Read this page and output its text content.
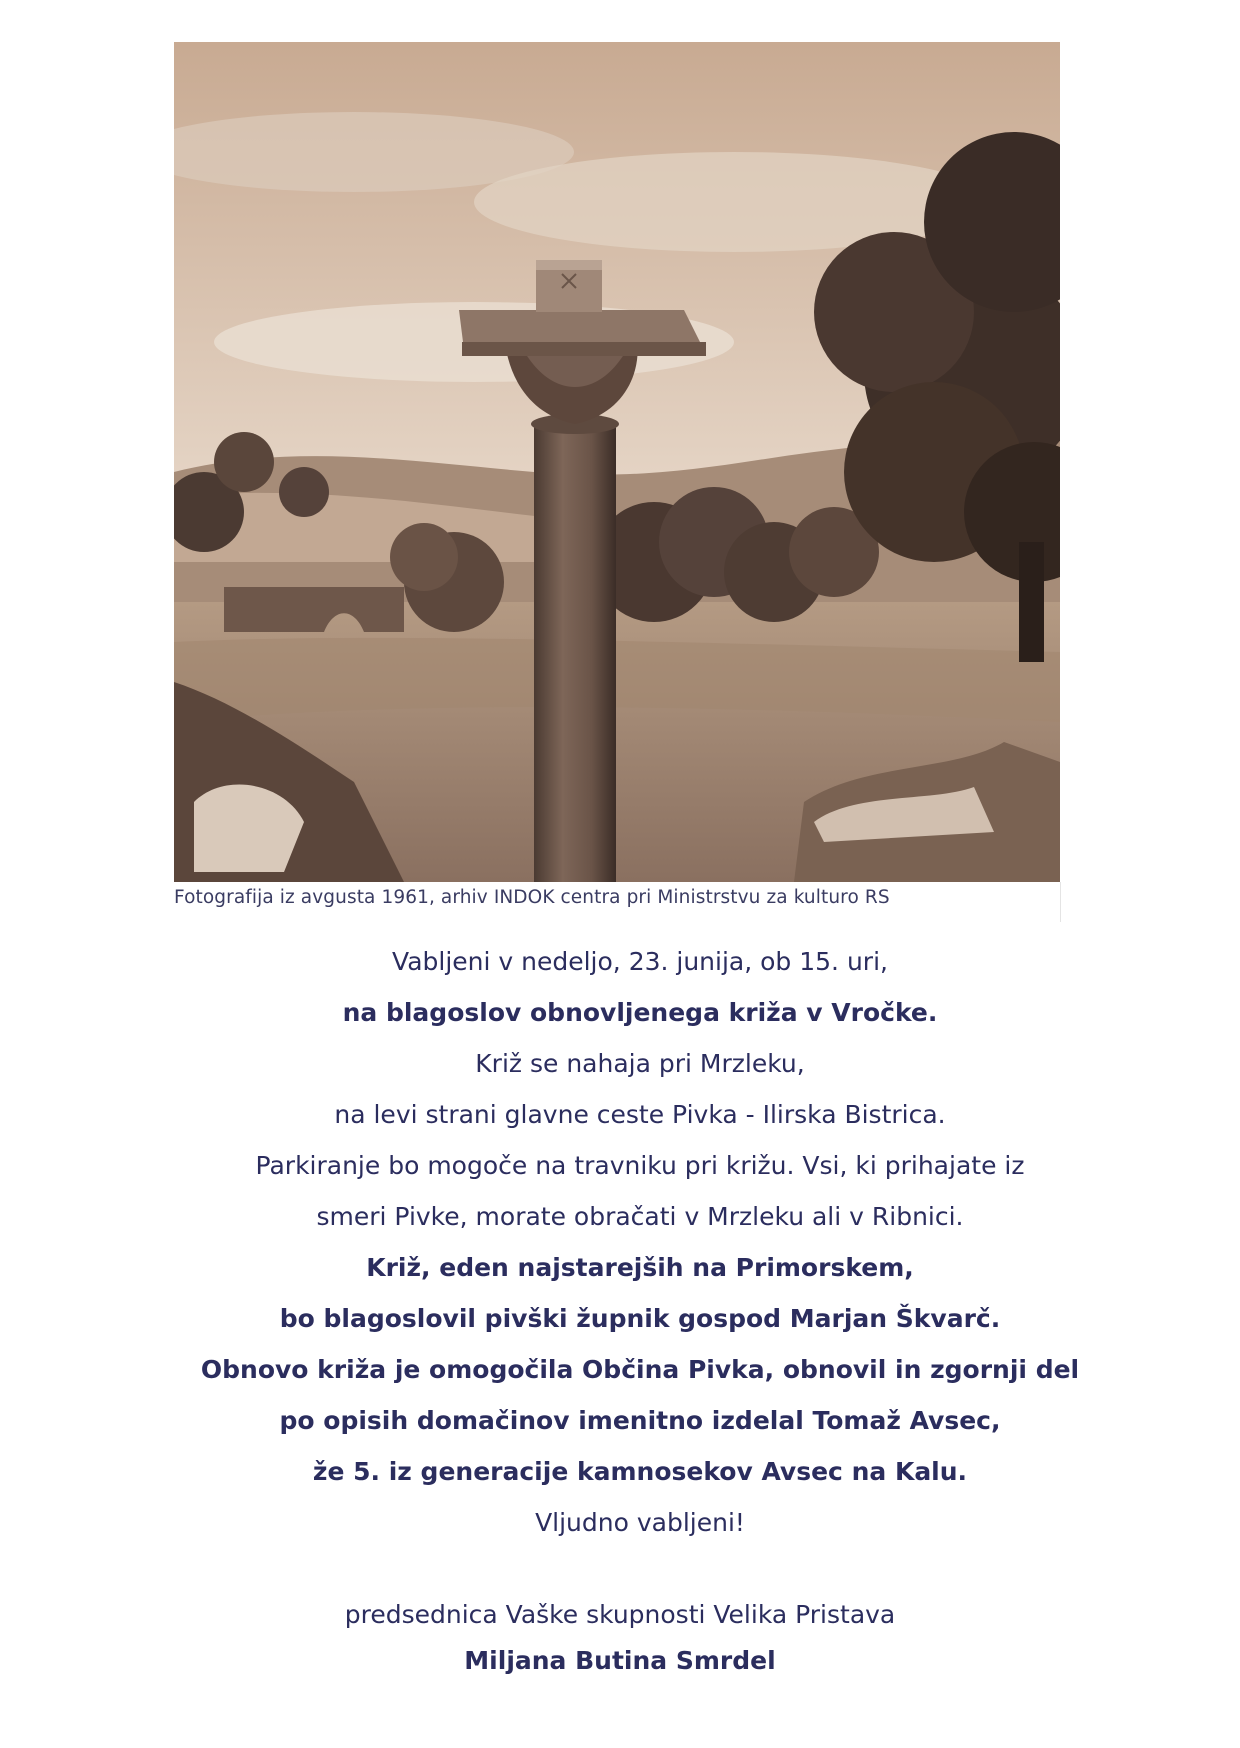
Fotografija iz avgusta 1961, arhiv INDOK centra pri Ministrstvu za kulturo RS
Vabljeni v nedeljo, 23. junija, ob 15. uri,
na blagoslov obnovljenega križa v Vročke.
Križ se nahaja pri Mrzleku,
na levi strani glavne ceste Pivka - Ilirska Bistrica.
Parkiranje bo mogoče na travniku pri križu. Vsi, ki prihajate iz
smeri Pivke, morate obračati v Mrzleku ali v Ribnici.
Križ, eden najstarejših na Primorskem,
bo blagoslovil pivški župnik gospod Marjan Škvarč.
Obnovo križa je omogočila Občina Pivka, obnovil in zgornji del
po opisih domačinov imenitno izdelal Tomaž Avsec,
že 5. iz generacije kamnosekov Avsec na Kalu.
Vljudno vabljeni!
predsednica Vaške skupnosti Velika Pristava
Miljana Butina Smrdel
